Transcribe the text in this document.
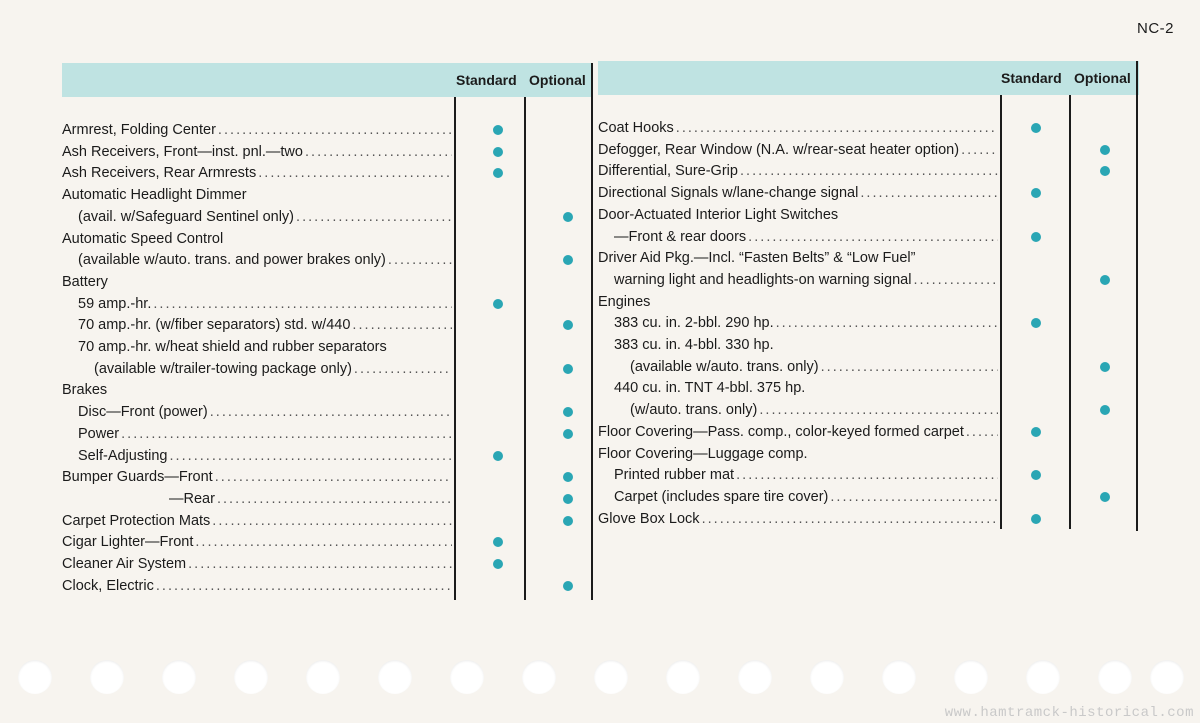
NC-2
Standard Optional
Armrest, Folding Center
. . .
Ash Receivers, Front—inst. pnl.—two
. . .
Ash Receivers, Rear Armrests
. . .
Automatic Headlight Dimmer
(avail. w/Safeguard Sentinel only)
. . .
Automatic Speed Control
(available w/auto. trans. and power brakes only)
. . .
Battery
59 amp.-hr.
. . .
70 amp.-hr. (w/fiber separators) std. w/440
. . .
70 amp.-hr. w/heat shield and rubber separators
(available w/trailer-towing package only)
. . .
Brakes
Disc—Front (power)
. . .
Power
. . .
Self-Adjusting
. . .
Bumper Guards—Front
. . .
—Rear
. . .
Carpet Protection Mats
. . .
Cigar Lighter—Front
. . .
Cleaner Air System
. . .
Clock, Electric
. . .
Standard Optional
Coat Hooks
. . .
Defogger, Rear Window (N.A. w/rear-seat heater option)
. . .
Differential, Sure-Grip
. . .
Directional Signals w/lane-change signal
. . .
Door-Actuated Interior Light Switches
—Front & rear doors
. . .
Driver Aid Pkg.—Incl. “Fasten Belts” & “Low Fuel”
warning light and headlights-on warning signal
. . .
Engines
383 cu. in. 2-bbl. 290 hp.
. . .
383 cu. in. 4-bbl. 330 hp.
(available w/auto. trans. only)
. . .
440 cu. in. TNT 4-bbl. 375 hp.
(w/auto. trans. only)
. . .
Floor Covering—Pass. comp., color-keyed formed carpet
. . .
Floor Covering—Luggage comp.
Printed rubber mat
. . .
Carpet (includes spare tire cover)
. . .
Glove Box Lock
. . .
www.hamtramck-historical.com
